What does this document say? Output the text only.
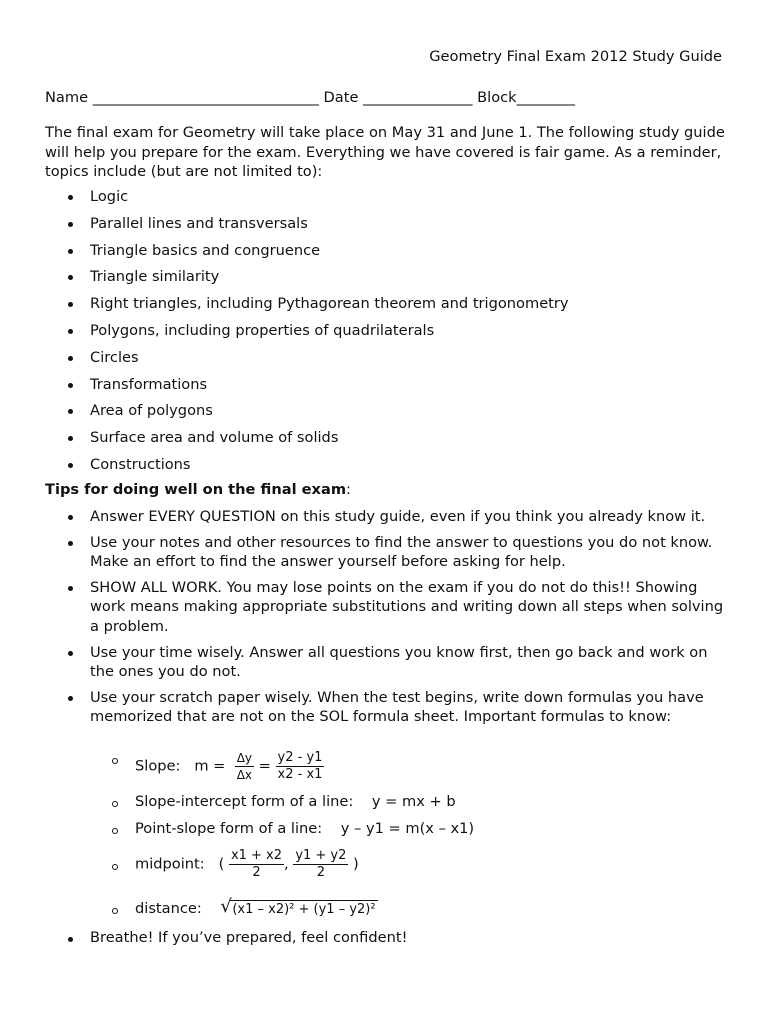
Geometry Final Exam 2012 Study Guide
Name _______________________________ Date _______________ Block________
The final exam for Geometry will take place on May 31 and June 1. The following study guide will help you prepare for the exam. Everything we have covered is fair game. As a reminder, topics include (but are not limited to):
Logic
Parallel lines and transversals
Triangle basics and congruence
Triangle similarity
Right triangles, including Pythagorean theorem and trigonometry
Polygons, including properties of quadrilaterals
Circles
Transformations
Area of polygons
Surface area and volume of solids
Constructions
Tips for doing well on the final exam:
Answer EVERY QUESTION on this study guide, even if you think you already know it.
Use your notes and other resources to find the answer to questions you do not know. Make an effort to find the answer yourself before asking for help.
SHOW ALL WORK. You may lose points on the exam if you do not do this!! Showing work means making appropriate substitutions and writing down all steps when solving a problem.
Use your time wisely. Answer all questions you know first, then go back and work on the ones you do not.
Use your scratch paper wisely. When the test begins, write down formulas you have memorized that are not on the SOL formula sheet. Important formulas to know:
Slope: $m = \frac{\Delta y}{\Delta x} = \frac{y2 - y1}{x2 - x1}$
Slope-intercept form of a line: y = mx + b
Point-slope form of a line: y – y1 = m(x – x1)
midpoint: ( $\frac{x1 + x2}{2}$ , $\frac{y1 + y2}{2}$ )
distance: √ (x1 – x2)² + (y1 – y2)²
Breathe! If you’ve prepared, feel confident!
